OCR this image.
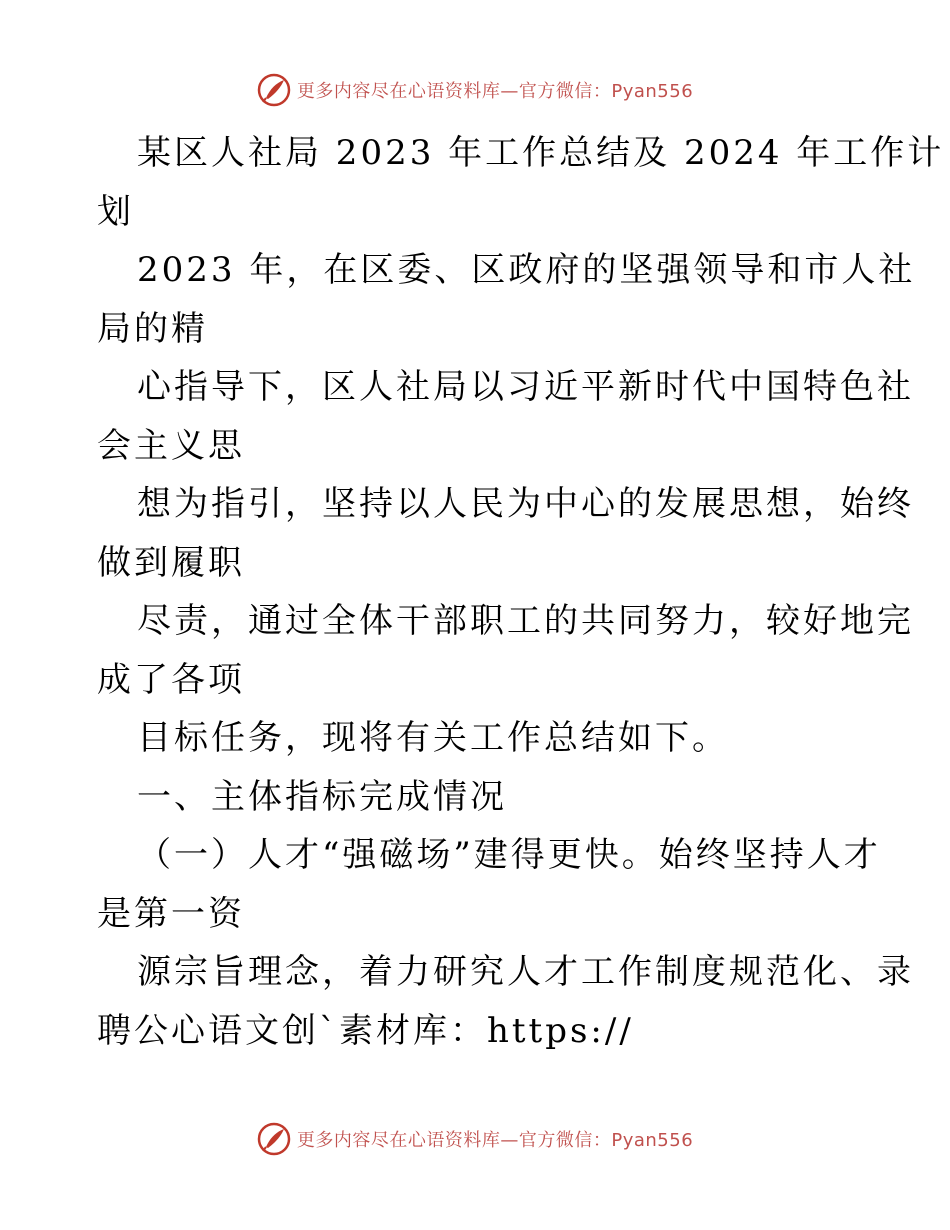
更多内容尽在心语资料库—官方微信：Pyan556
某区人社局 2023 年工作总结及 2024 年工作计
划
2023 年，在区委、区政府的坚强领导和市人社
局的精
心指导下，区人社局以习近平新时代中国特色社
会主义思
想为指引，坚持以人民为中心的发展思想，始终
做到履职
尽责，通过全体干部职工的共同努力，较好地完
成了各项
目标任务，现将有关工作总结如下。
一、主体指标完成情况
（一）人才“强磁场”建得更快。始终坚持人才
是第一资
源宗旨理念，着力研究人才工作制度规范化、录
聘公心语文创`素材库：https://
更多内容尽在心语资料库—官方微信：Pyan556
